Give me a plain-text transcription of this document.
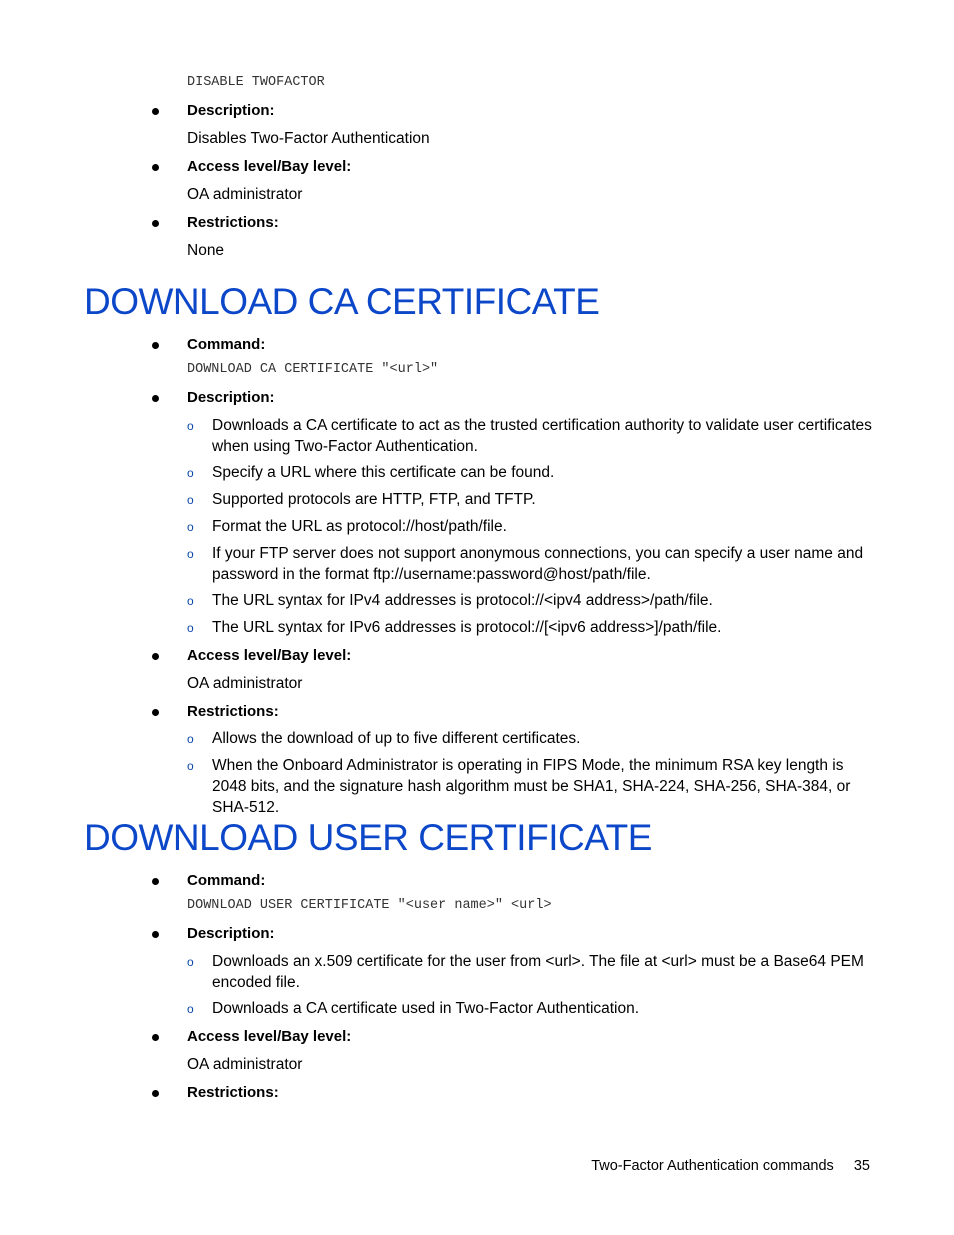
DISABLE TWOFACTOR
Description:
Disables Two-Factor Authentication
Access level/Bay level:
OA administrator
Restrictions:
None
DOWNLOAD CA CERTIFICATE
Command:
DOWNLOAD CA CERTIFICATE "<url>"
Description:
o Downloads a CA certificate to act as the trusted certification authority to validate user certificates when using Two-Factor Authentication.
o Specify a URL where this certificate can be found.
o Supported protocols are HTTP, FTP, and TFTP.
o Format the URL as protocol://host/path/file.
o If your FTP server does not support anonymous connections, you can specify a user name and password in the format ftp://username:password@host/path/file.
o The URL syntax for IPv4 addresses is protocol://<ipv4 address>/path/file.
o The URL syntax for IPv6 addresses is protocol://[<ipv6 address>]/path/file.
Access level/Bay level:
OA administrator
Restrictions:
o Allows the download of up to five different certificates.
o When the Onboard Administrator is operating in FIPS Mode, the minimum RSA key length is 2048 bits, and the signature hash algorithm must be SHA1, SHA-224, SHA-256, SHA-384, or SHA-512.
DOWNLOAD USER CERTIFICATE
Command:
DOWNLOAD USER CERTIFICATE "<user name>" <url>
Description:
o Downloads an x.509 certificate for the user from <url>. The file at <url> must be a Base64 PEM encoded file.
o Downloads a CA certificate used in Two-Factor Authentication.
Access level/Bay level:
OA administrator
Restrictions:
Two-Factor Authentication commands 35
